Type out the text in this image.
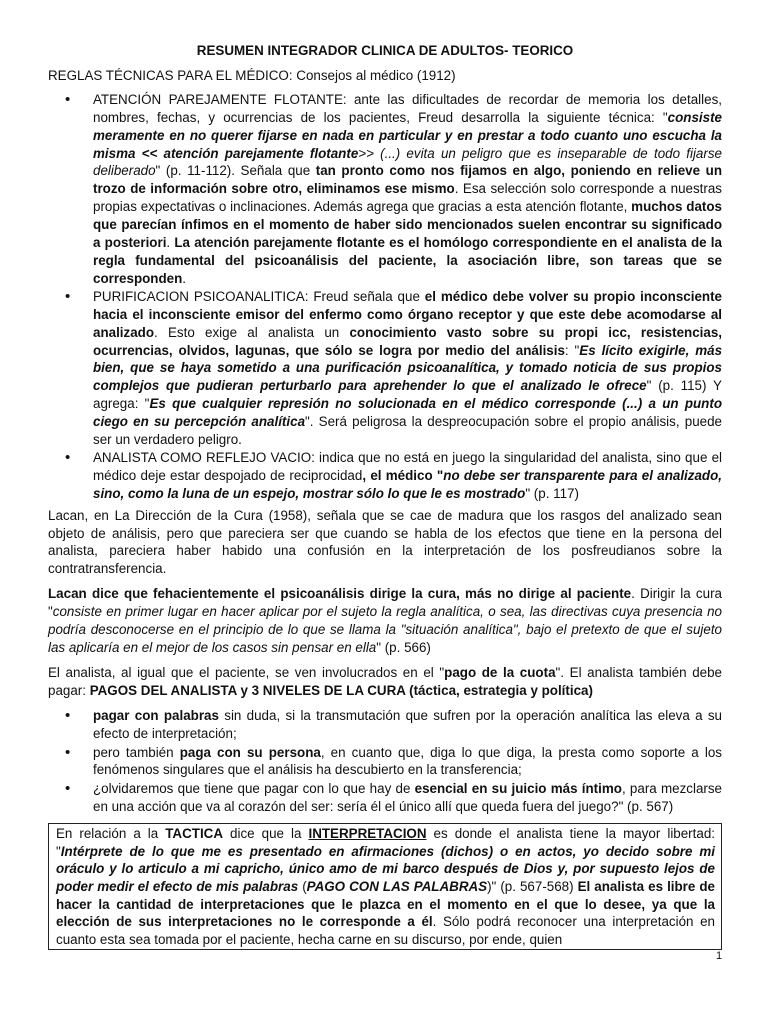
RESUMEN INTEGRADOR CLINICA DE ADULTOS- TEORICO
REGLAS TÉCNICAS PARA EL MÉDICO: Consejos al médico (1912)
• ATENCIÓN PAREJAMENTE FLOTANTE: ante las dificultades de recordar de memoria los detalles, nombres, fechas, y ocurrencias de los pacientes, Freud desarrolla la siguiente técnica: "consiste meramente en no querer fijarse en nada en particular y en prestar a todo cuanto uno escucha la misma << atención parejamente flotante>> (...) evita un peligro que es inseparable de todo fijarse deliberado" (p. 11-112). Señala que tan pronto como nos fijamos en algo, poniendo en relieve un trozo de información sobre otro, eliminamos ese mismo. Esa selección solo corresponde a nuestras propias expectativas o inclinaciones. Además agrega que gracias a esta atención flotante, muchos datos que parecían ínfimos en el momento de haber sido mencionados suelen encontrar su significado a posteriori. La atención parejamente flotante es el homólogo correspondiente en el analista de la regla fundamental del psicoanálisis del paciente, la asociación libre, son tareas que se corresponden.
• PURIFICACION PSICOANALITICA: Freud señala que el médico debe volver su propio inconsciente hacia el inconsciente emisor del enfermo como órgano receptor y que este debe acomodarse al analizado. Esto exige al analista un conocimiento vasto sobre su propi icc, resistencias, ocurrencias, olvidos, lagunas, que sólo se logra por medio del análisis: "Es lícito exigirle, más bien, que se haya sometido a una purificación psicoanalítica, y tomado noticia de sus propios complejos que pudieran perturbarlo para aprehender lo que el analizado le ofrece" (p. 115) Y agrega: "Es que cualquier represión no solucionada en el médico corresponde (...) a un punto ciego en su percepción analítica". Será peligrosa la despreocupación sobre el propio análisis, puede ser un verdadero peligro.
• ANALISTA COMO REFLEJO VACIO: indica que no está en juego la singularidad del analista, sino que el médico deje estar despojado de reciprocidad, el médico "no debe ser transparente para el analizado, sino, como la luna de un espejo, mostrar sólo lo que le es mostrado" (p. 117)
Lacan, en La Dirección de la Cura (1958), señala que se cae de madura que los rasgos del analizado sean objeto de análisis, pero que pareciera ser que cuando se habla de los efectos que tiene en la persona del analista, pareciera haber habido una confusión en la interpretación de los posfreudianos sobre la contratransferencia.
Lacan dice que fehacientemente el psicoanálisis dirige la cura, más no dirige al paciente. Dirigir la cura "consiste en primer lugar en hacer aplicar por el sujeto la regla analítica, o sea, las directivas cuya presencia no podría desconocerse en el principio de lo que se llama la "situación analítica", bajo el pretexto de que el sujeto las aplicaría en el mejor de los casos sin pensar en ella" (p. 566)
El analista, al igual que el paciente, se ven involucrados en el "pago de la cuota". El analista también debe pagar: PAGOS DEL ANALISTA y 3 NIVELES DE LA CURA (táctica, estrategia y política)
• pagar con palabras sin duda, si la transmutación que sufren por la operación analítica las eleva a su efecto de interpretación;
• pero también paga con su persona, en cuanto que, diga lo que diga, la presta como soporte a los fenómenos singulares que el análisis ha descubierto en la transferencia;
• ¿olvidaremos que tiene que pagar con lo que hay de esencial en su juicio más íntimo, para mezclarse en una acción que va al corazón del ser: sería él el único allí que queda fuera del juego?" (p. 567)
En relación a la TACTICA dice que la INTERPRETACION es donde el analista tiene la mayor libertad: "Intérprete de lo que me es presentado en afirmaciones (dichos) o en actos, yo decido sobre mi oráculo y lo articulo a mi capricho, único amo de mi barco después de Dios y, por supuesto lejos de poder medir el efecto de mis palabras (PAGO CON LAS PALABRAS)" (p. 567-568) El analista es libre de hacer la cantidad de interpretaciones que le plazca en el momento en el que lo desee, ya que la elección de sus interpretaciones no le corresponde a él. Sólo podrá reconocer una interpretación en cuanto esta sea tomada por el paciente, hecha carne en su discurso, por ende, quien
1
